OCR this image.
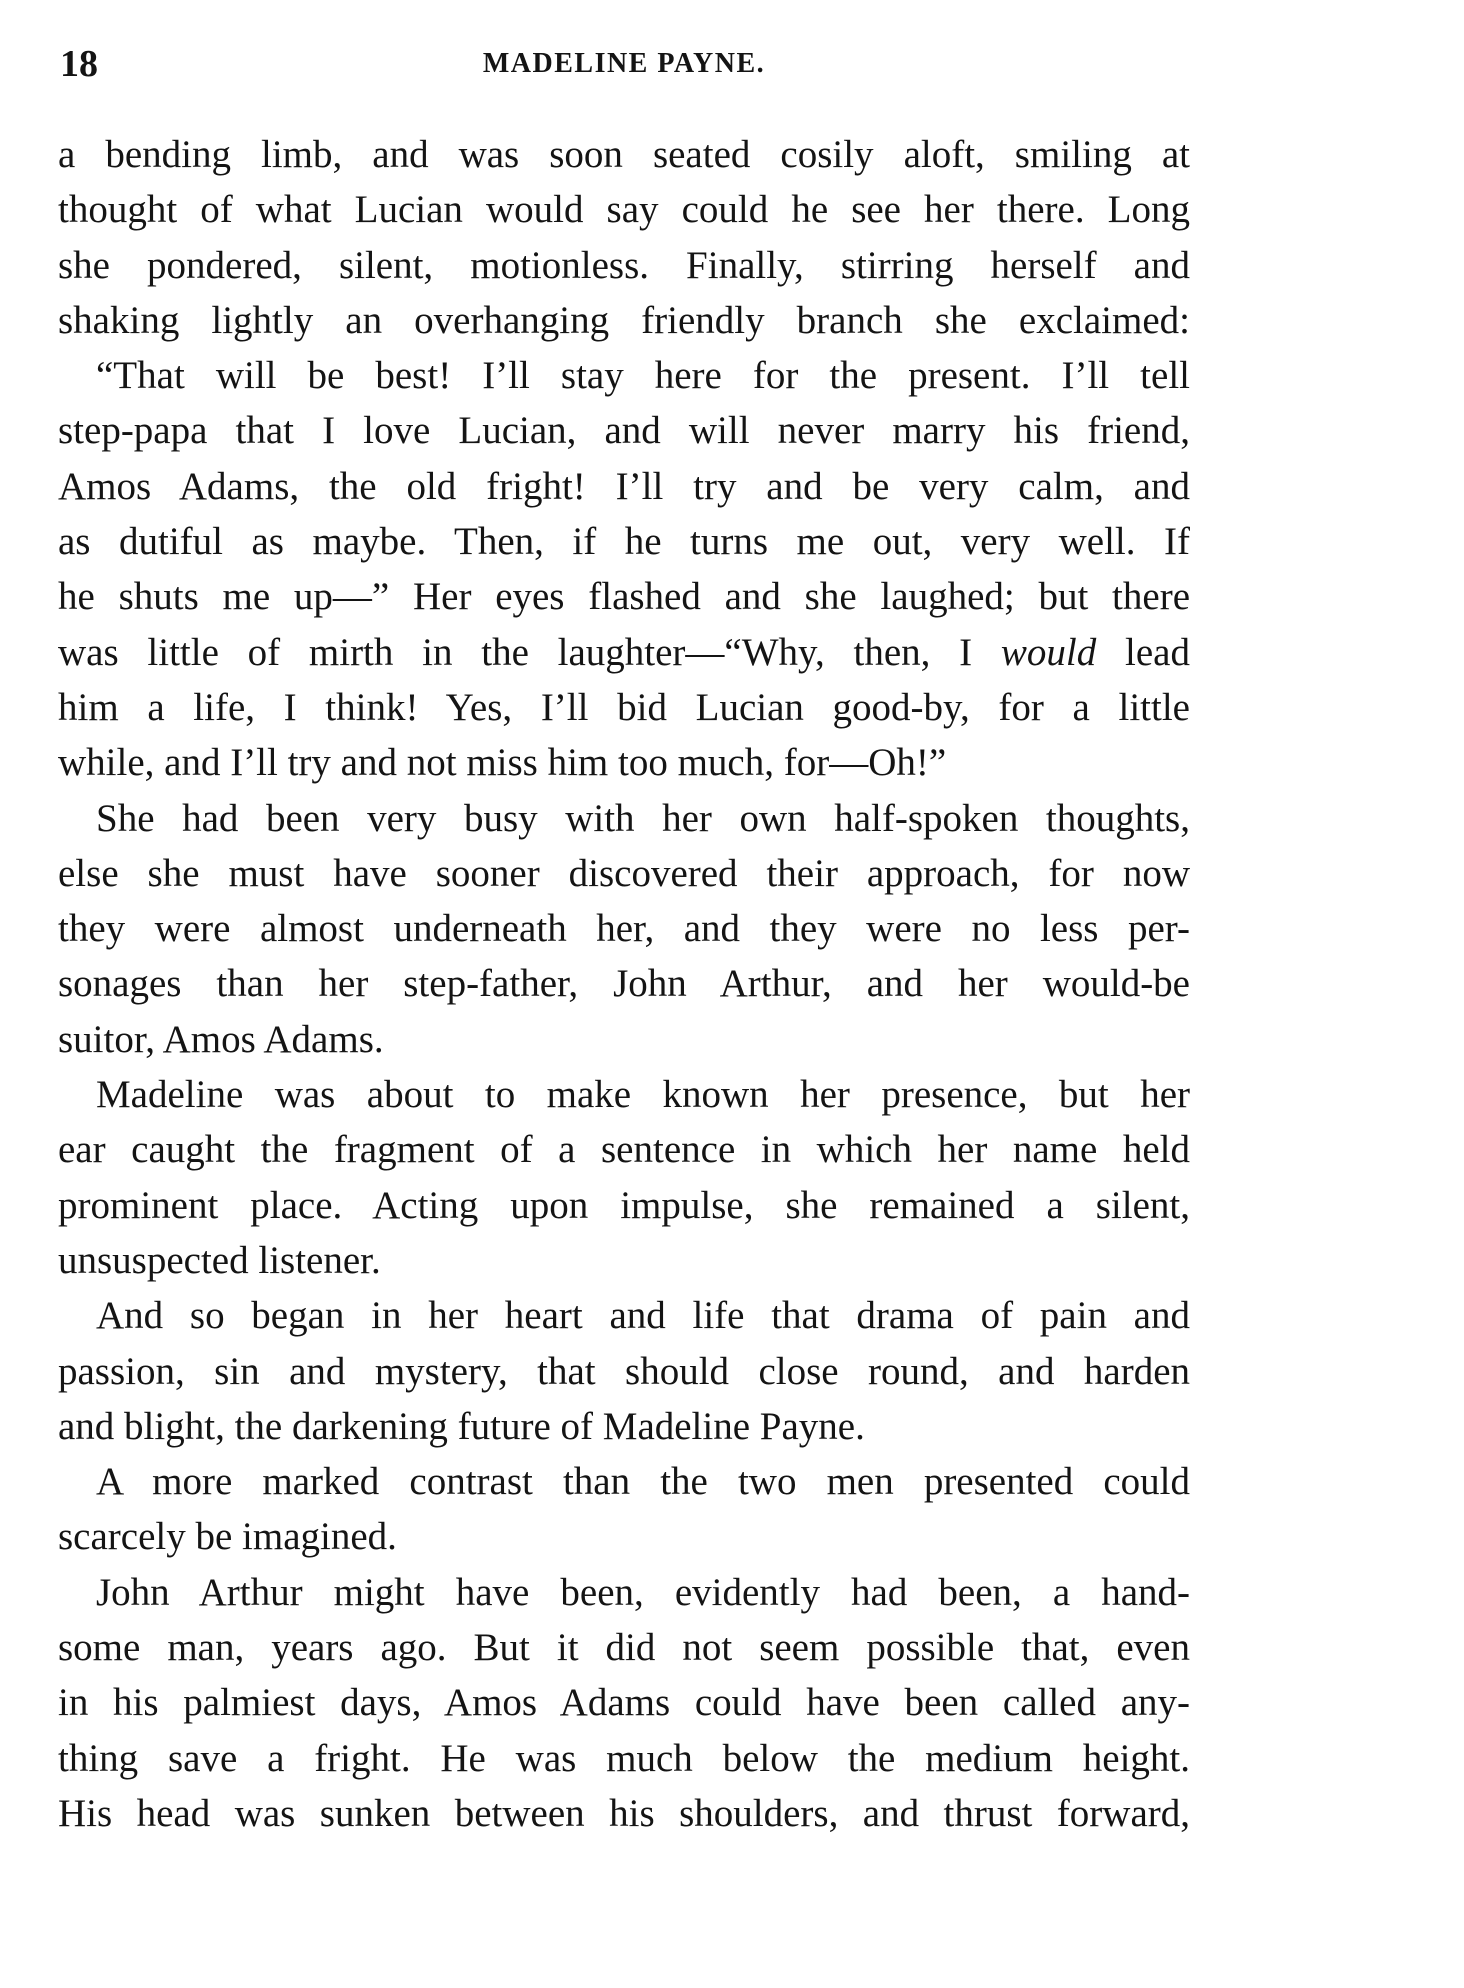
18	MADELINE PAYNE.
a bending limb, and was soon seated cosily aloft, smiling at
thought of what Lucian would say could he see her there. Long
she pondered, silent, motionless. Finally, stirring herself and
shaking lightly an overhanging friendly branch she exclaimed:
“That will be best! I’ll stay here for the present. I’ll tell
step-papa that I love Lucian, and will never marry his friend,
Amos Adams, the old fright! I’ll try and be very calm, and
as dutiful as maybe. Then, if he turns me out, very well. If
he shuts me up—” Her eyes flashed and she laughed; but there
was little of mirth in the laughter—“Why, then, I would lead
him a life, I think! Yes, I’ll bid Lucian good-by, for a little
while, and I’ll try and not miss him too much, for—Oh!”
She had been very busy with her own half-spoken thoughts,
else she must have sooner discovered their approach, for now
they were almost underneath her, and they were no less per-
sonages than her step-father, John Arthur, and her would-be
suitor, Amos Adams.
Madeline was about to make known her presence, but her
ear caught the fragment of a sentence in which her name held
prominent place. Acting upon impulse, she remained a silent,
unsuspected listener.
And so began in her heart and life that drama of pain and
passion, sin and mystery, that should close round, and harden
and blight, the darkening future of Madeline Payne.
A more marked contrast than the two men presented could
scarcely be imagined.
John Arthur might have been, evidently had been, a hand-
some man, years ago. But it did not seem possible that, even
in his palmiest days, Amos Adams could have been called any-
thing save a fright. He was much below the medium height.
His head was sunken between his shoulders, and thrust forward,
